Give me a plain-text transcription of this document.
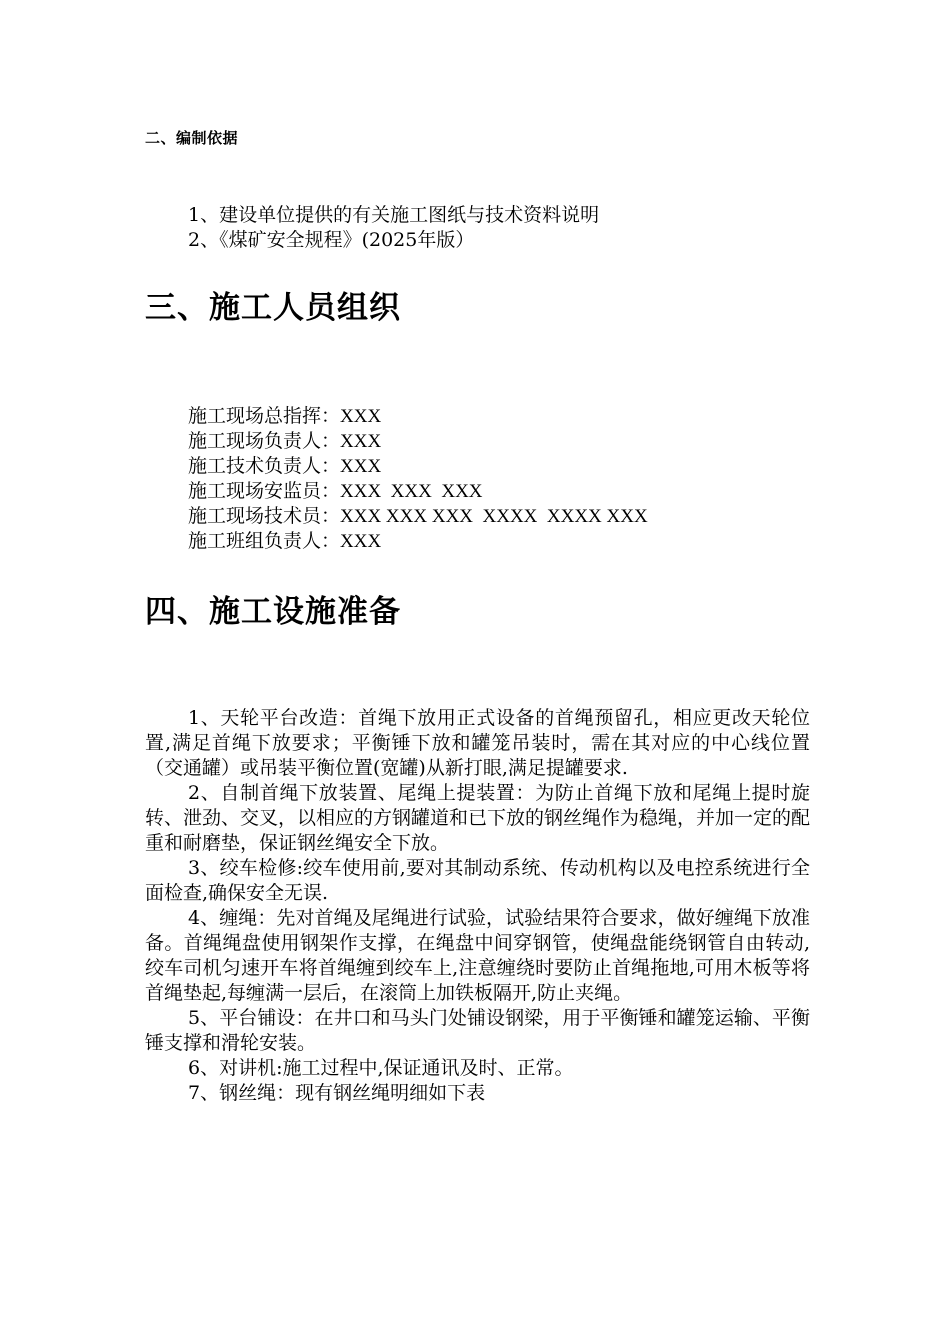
二、编制依据
1、建设单位提供的有关施工图纸与技术资料说明
2、《煤矿安全规程》(2025年版）
三、施工人员组织
施工现场总指挥： XXX
施工现场负责人： XXX
施工技术负责人： XXX
施工现场安监员： XXX  XXX  XXX
施工现场技术员： XXX XXX XXX  XXXX  XXXX XXX
施工班组负责人： XXX
四、施工设施准备

1、天轮平台改造：首绳下放用正式设备的首绳预留孔，相应更改天轮位置,满足首绳下放要求；平衡锤下放和罐笼吊装时，需在其对应的中心线位置（交通罐）或吊装平衡位置(宽罐)从新打眼,满足提罐要求.

2、自制首绳下放装置、尾绳上提装置：为防止首绳下放和尾绳上提时旋转、泄劲、交叉，以相应的方钢罐道和已下放的钢丝绳作为稳绳，并加一定的配重和耐磨垫，保证钢丝绳安全下放。

3、绞车检修:绞车使用前,要对其制动系统、传动机构以及电控系统进行全面检查,确保安全无误.

4、缠绳：先对首绳及尾绳进行试验，试验结果符合要求，做好缠绳下放准备。首绳绳盘使用钢架作支撑，在绳盘中间穿钢管，使绳盘能绕钢管自由转动,绞车司机匀速开车将首绳缠到绞车上,注意缠绕时要防止首绳拖地,可用木板等将首绳垫起,每缠满一层后，在滚筒上加铁板隔开,防止夹绳。

5、平台铺设：在井口和马头门处铺设钢梁，用于平衡锤和罐笼运输、平衡锤支撑和滑轮安装。

6、对讲机:施工过程中,保证通讯及时、正常。

7、钢丝绳：现有钢丝绳明细如下表
